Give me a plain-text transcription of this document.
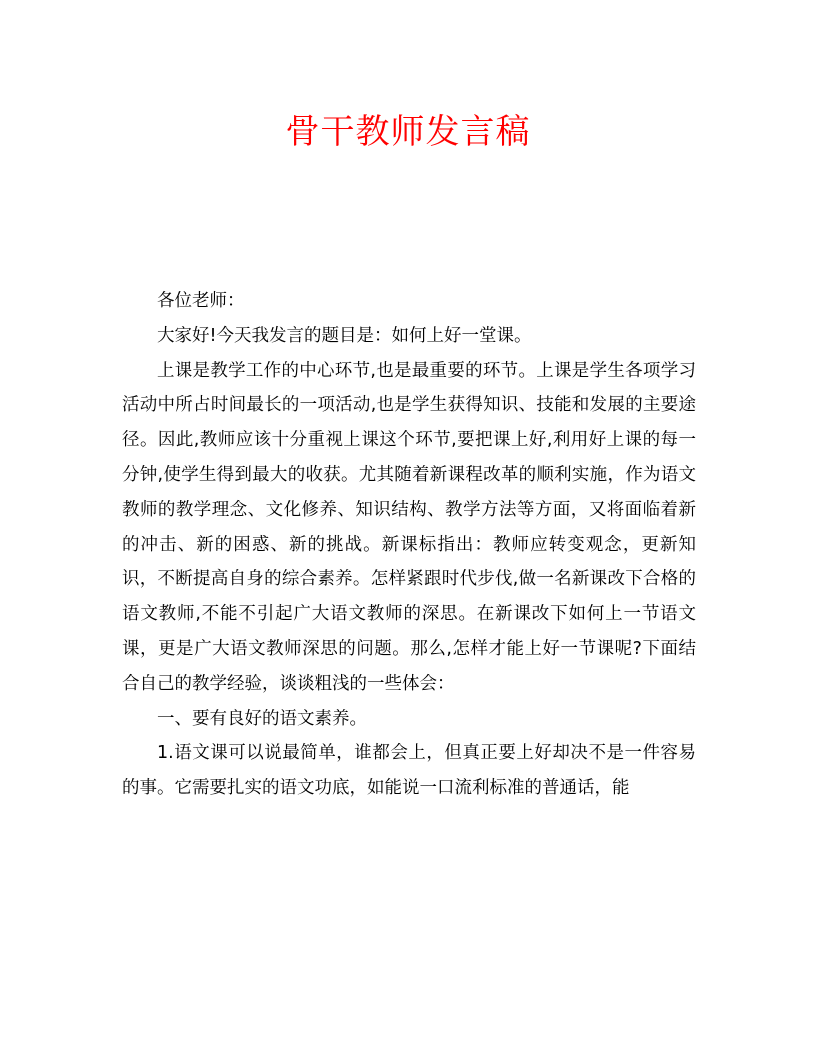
骨干教师发言稿

各位老师：

大家好!今天我发言的题目是：如何上好一堂课。

上课是教学工作的中心环节,也是最重要的环节。上课是学生各项学习活动中所占时间最长的一项活动,也是学生获得知识、技能和发展的主要途径。因此,教师应该十分重视上课这个环节,要把课上好,利用好上课的每一分钟,使学生得到最大的收获。尤其随着新课程改革的顺利实施，作为语文教师的教学理念、文化修养、知识结构、教学方法等方面，又将面临着新的冲击、新的困惑、新的挑战。新课标指出：教师应转变观念，更新知识，不断提高自身的综合素养。怎样紧跟时代步伐,做一名新课改下合格的语文教师,不能不引起广大语文教师的深思。在新课改下如何上一节语文课，更是广大语文教师深思的问题。那么,怎样才能上好一节课呢?下面结合自己的教学经验，谈谈粗浅的一些体会：

一、要有良好的语文素养。

1.语文课可以说最简单，谁都会上，但真正要上好却决不是一件容易的事。它需要扎实的语文功底，如能说一口流利标准的普通话，能
